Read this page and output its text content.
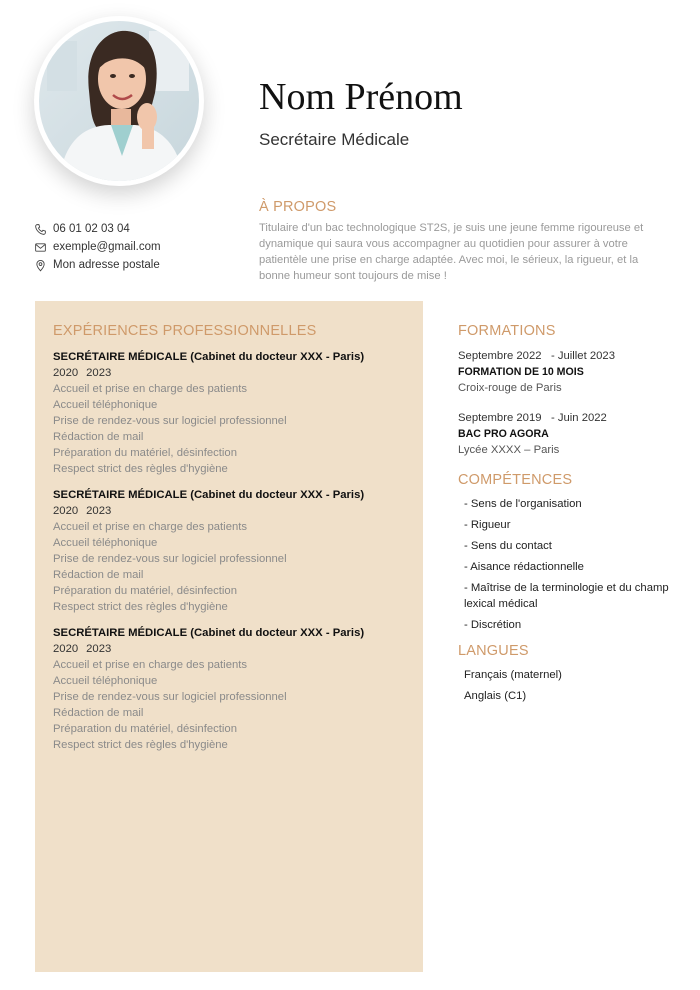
Nom Prénom
Secrétaire Médicale
06 01 02 03 04
exemple@gmail.com
Mon adresse postale
À PROPOS
Titulaire d'un bac technologique ST2S, je suis une jeune femme rigoureuse et dynamique qui saura vous accompagner au quotidien pour assurer à votre patientèle une prise en charge adaptée. Avec moi, le sérieux, la rigueur, et la bonne humeur sont toujours de mise !
EXPÉRIENCES PROFESSIONNELLES
SECRÉTAIRE MÉDICALE (Cabinet du docteur XXX - Paris)
2020 2023
Accueil et prise en charge des patients
Accueil téléphonique
Prise de rendez-vous sur logiciel professionnel
Rédaction de mail
Préparation du matériel, désinfection
Respect strict des règles d'hygiène
SECRÉTAIRE MÉDICALE (Cabinet du docteur XXX - Paris)
2020 2023
Accueil et prise en charge des patients
Accueil téléphonique
Prise de rendez-vous sur logiciel professionnel
Rédaction de mail
Préparation du matériel, désinfection
Respect strict des règles d'hygiène
SECRÉTAIRE MÉDICALE (Cabinet du docteur XXX - Paris)
2020 2023
Accueil et prise en charge des patients
Accueil téléphonique
Prise de rendez-vous sur logiciel professionnel
Rédaction de mail
Préparation du matériel, désinfection
Respect strict des règles d'hygiène
FORMATIONS
Septembre 2022   - Juillet 2023
FORMATION DE 10 MOIS
Croix-rouge de Paris
Septembre 2019   - Juin 2022
BAC PRO AGORA
Lycée XXXX – Paris
COMPÉTENCES
- Sens de l'organisation
- Rigueur
- Sens du contact
- Aisance rédactionnelle
- Maîtrise de la terminologie et du champ lexical médical
- Discrétion
LANGUES
Français (maternel)
Anglais (C1)
